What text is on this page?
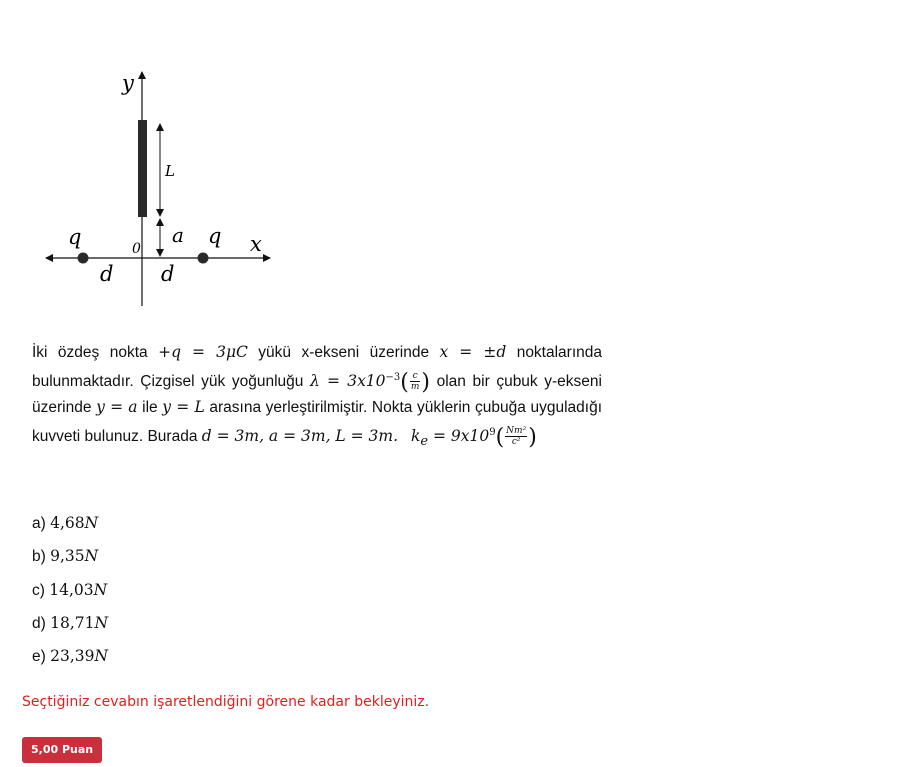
y
x
L
a
q	q
0
d d
İki özdeş nokta +q = 3μC yükü x-ekseni üzerinde x = ±d noktalarında bulunmaktadır. Çizgisel yük yoğunluğu $\lambda = 3x10^{-3}( \frac{c}{m}$ ) olan bir çubuk y-ekseni üzerinde y = a ile y = L arasına yerleştirilmiştir. Nokta yüklerin çubuğa uyguladığı kuvveti bulunuz. Burada d = 3m, a = 3m, L = 3m. $k_e = 9x10^9( \frac{\text{Nm²}}{\text{c²}}$ )
a) 4,68N
b) 9,35N
c) 14,03N
d) 18,71N
e) 23,39N
Seçtiğiniz cevabın işaretlendiğini görene kadar bekleyiniz.
5,00 Puan
